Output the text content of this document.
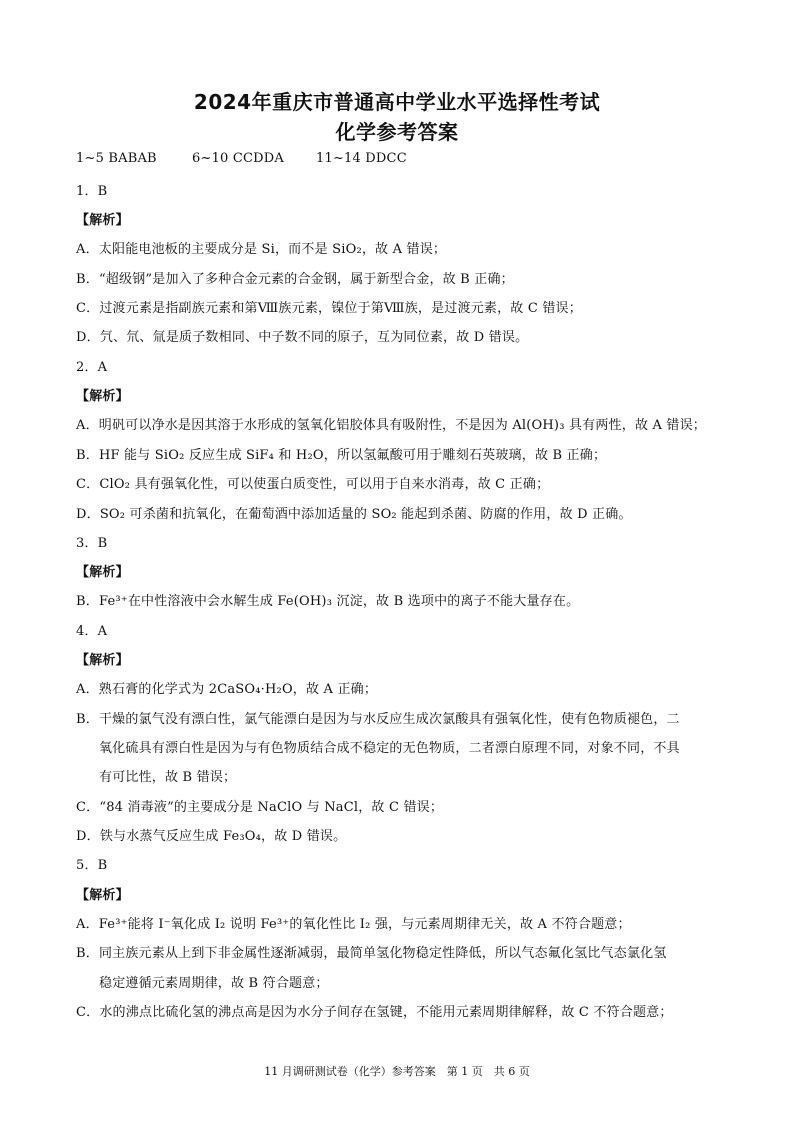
2024年重庆市普通高中学业水平选择性考试
化学参考答案
1~5 BABAB	6~10 CCDDA 11~14 DDCC
1．B
【解析】
A．太阳能电池板的主要成分是 Si，而不是 SiO₂，故 A 错误；
B．“超级钢”是加入了多种合金元素的合金钢，属于新型合金，故 B 正确；
C．过渡元素是指副族元素和第Ⅷ族元素，镍位于第Ⅷ族，是过渡元素，故 C 错误；
D．氕、氘、氚是质子数相同、中子数不同的原子，互为同位素，故 D 错误。
2．A
【解析】
A．明矾可以净水是因其溶于水形成的氢氧化铝胶体具有吸附性，不是因为 Al(OH)₃ 具有两性，故 A 错误；
B．HF 能与 SiO₂ 反应生成 SiF₄ 和 H₂O，所以氢氟酸可用于雕刻石英玻璃，故 B 正确；
C．ClO₂ 具有强氧化性，可以使蛋白质变性，可以用于自来水消毒，故 C 正确；
D．SO₂ 可杀菌和抗氧化，在葡萄酒中添加适量的 SO₂ 能起到杀菌、防腐的作用，故 D 正确。
3．B
【解析】
B．Fe³⁺在中性溶液中会水解生成 Fe(OH)₃ 沉淀，故 B 选项中的离子不能大量存在。
4．A
【解析】
A．熟石膏的化学式为 2CaSO₄·H₂O，故 A 正确；
B．干燥的氯气没有漂白性，氯气能漂白是因为与水反应生成次氯酸具有强氧化性，使有色物质褪色，二
氧化硫具有漂白性是因为与有色物质结合成不稳定的无色物质，二者漂白原理不同，对象不同，不具
有可比性，故 B 错误；
C．“84 消毒液”的主要成分是 NaClO 与 NaCl，故 C 错误；
D．铁与水蒸气反应生成 Fe₃O₄，故 D 错误。
5．B
【解析】
A．Fe³⁺能将 I⁻氧化成 I₂ 说明 Fe³⁺的氧化性比 I₂ 强，与元素周期律无关，故 A 不符合题意；
B．同主族元素从上到下非金属性逐渐减弱，最简单氢化物稳定性降低，所以气态氟化氢比气态氯化氢
稳定遵循元素周期律，故 B 符合题意；
C．水的沸点比硫化氢的沸点高是因为水分子间存在氢键，不能用元素周期律解释，故 C 不符合题意；
11 月调研测试卷（化学）参考答案　第 1 页　共 6 页
